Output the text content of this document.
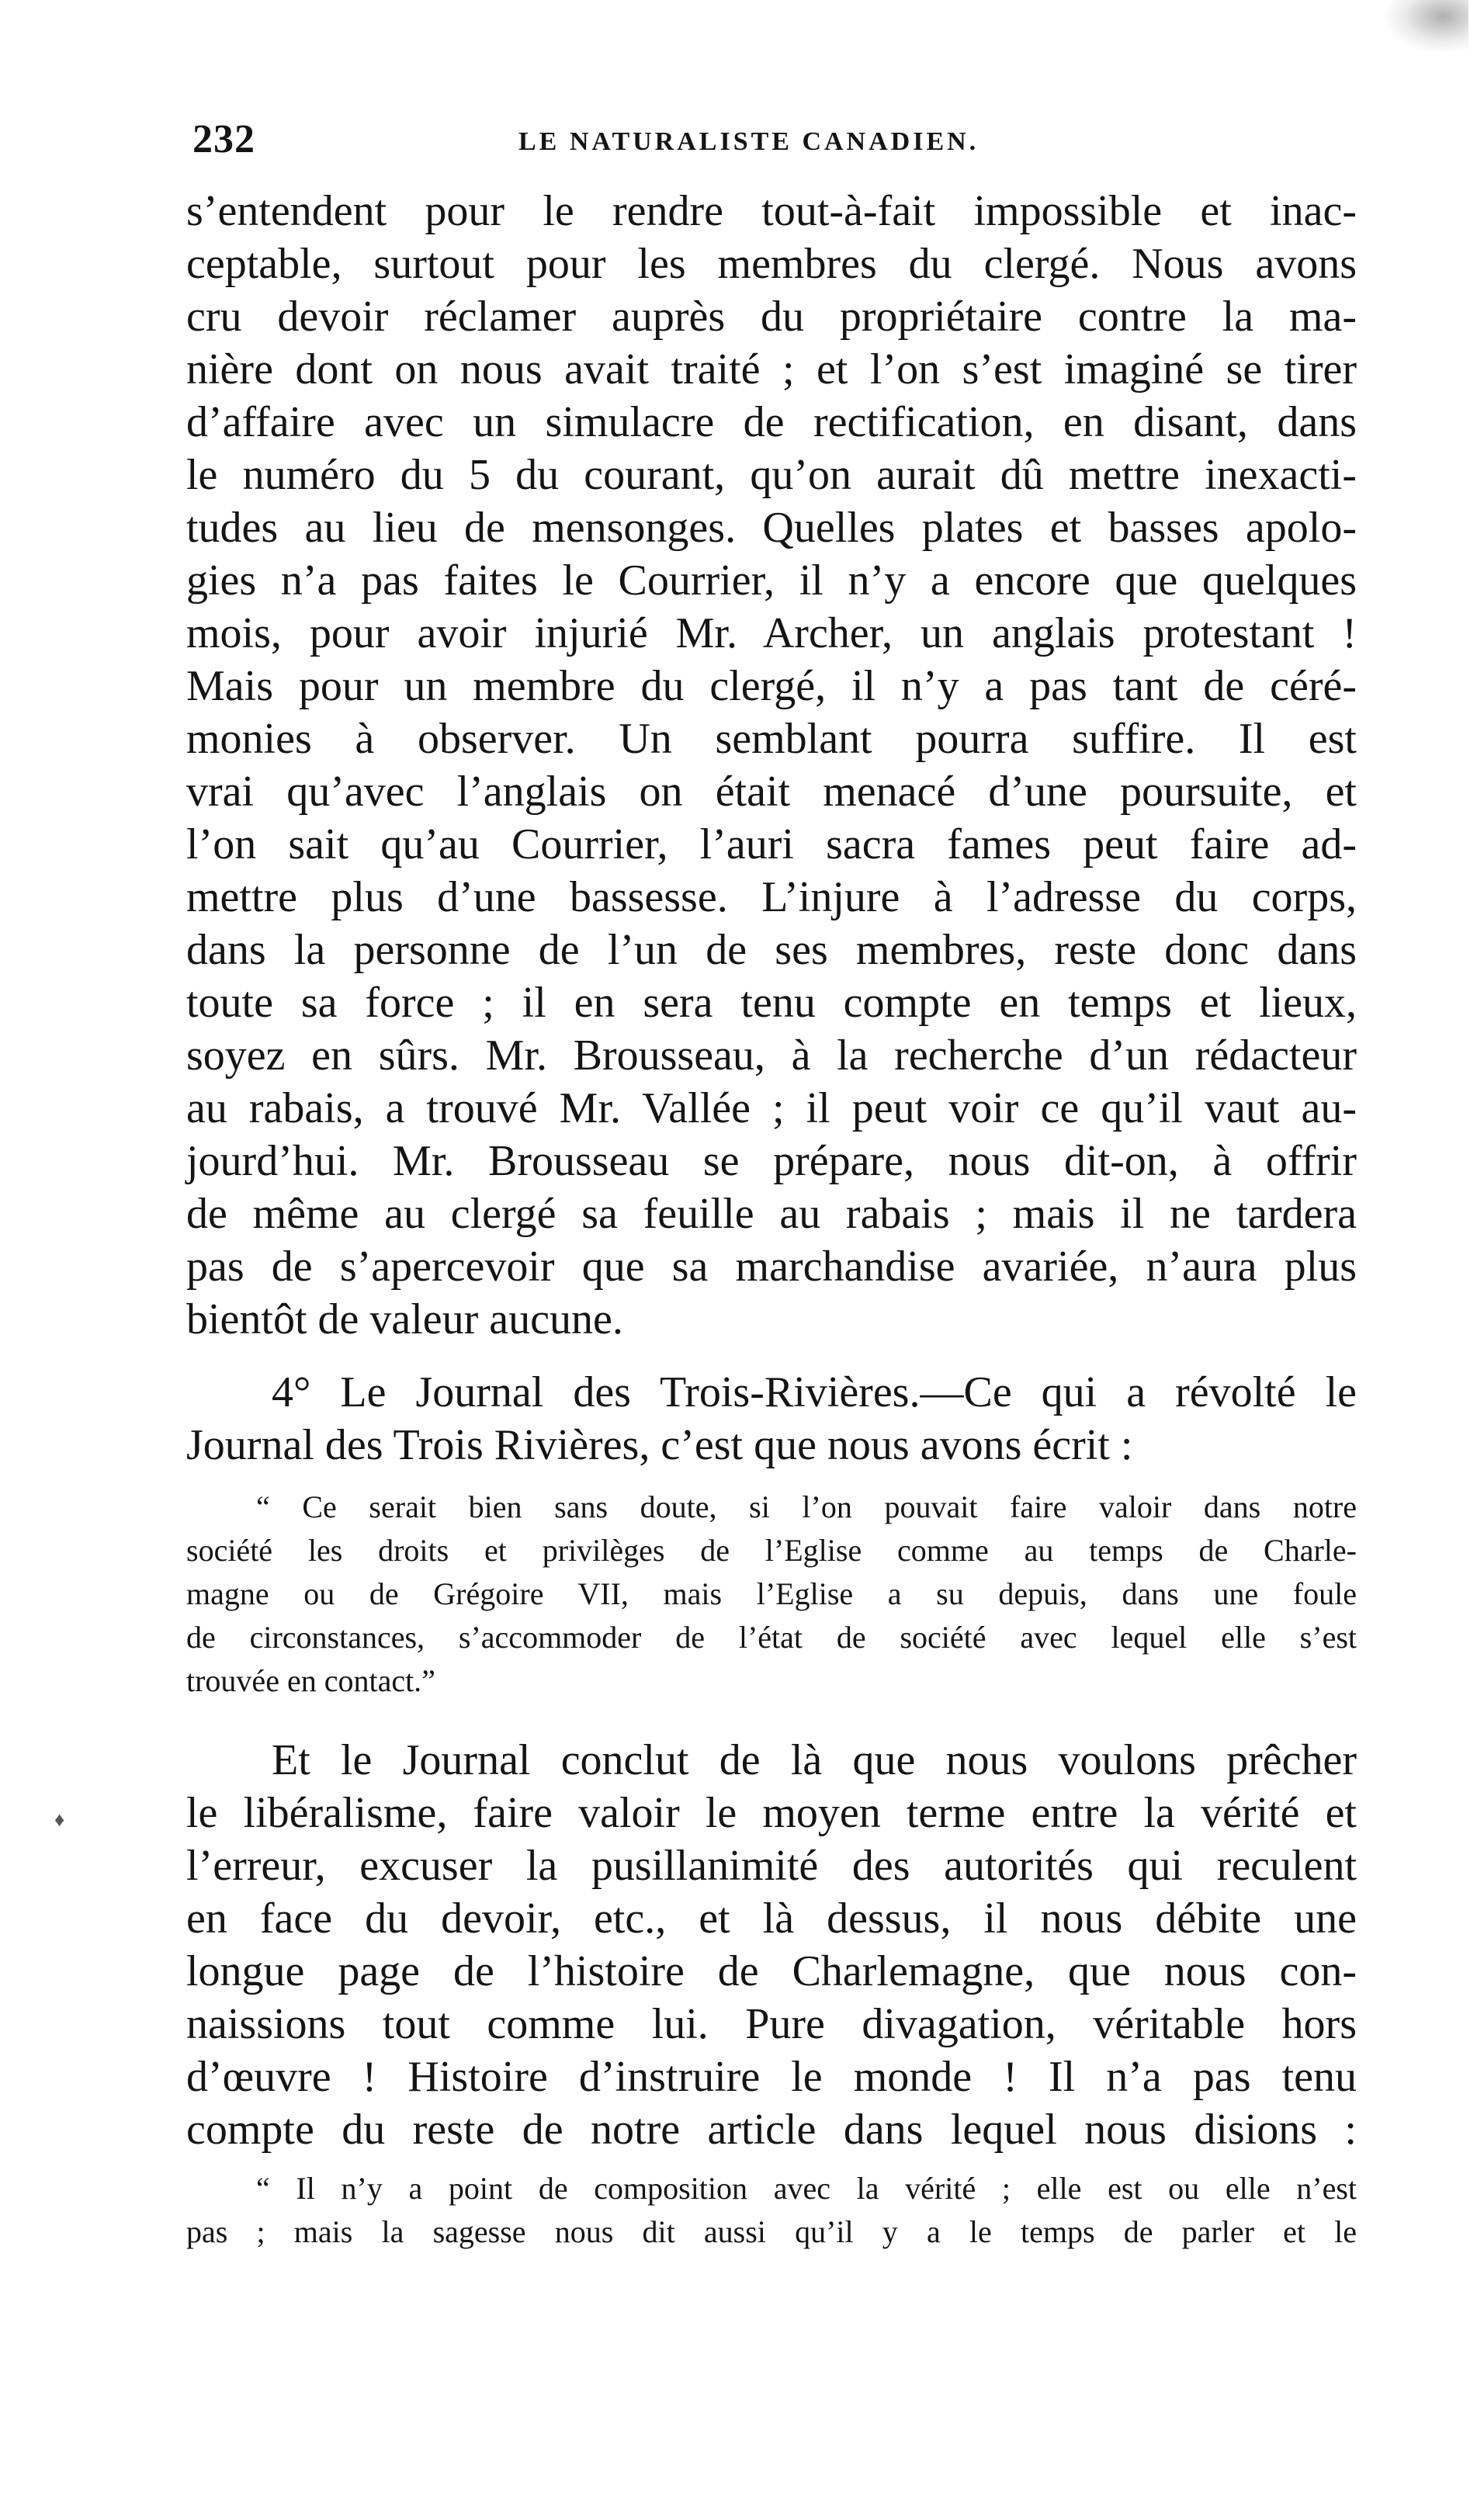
232	LE NATURALISTE CANADIEN.
♦
s’entendent pour le rendre tout-à-fait impossible et inac-
ceptable, surtout pour les membres du clergé. Nous avons
cru devoir réclamer auprès du propriétaire contre la ma-
nière dont on nous avait traité ; et l’on s’est imaginé se tirer
d’affaire avec un simulacre de rectification, en disant, dans
le numéro du 5 du courant, qu’on aurait dû mettre inexacti-
tudes au lieu de mensonges. Quelles plates et basses apolo-
gies n’a pas faites le Courrier, il n’y a encore que quelques
mois, pour avoir injurié Mr. Archer, un anglais protestant !
Mais pour un membre du clergé, il n’y a pas tant de céré-
monies à observer. Un semblant pourra suffire. Il est
vrai qu’avec l’anglais on était menacé d’une poursuite, et
l’on sait qu’au Courrier, l’auri sacra fames peut faire ad-
mettre plus d’une bassesse. L’injure à l’adresse du corps,
dans la personne de l’un de ses membres, reste donc dans
toute sa force ; il en sera tenu compte en temps et lieux,
soyez en sûrs. Mr. Brousseau, à la recherche d’un rédacteur
au rabais, a trouvé Mr. Vallée ; il peut voir ce qu’il vaut au-
jourd’hui. Mr. Brousseau se prépare, nous dit-on, à offrir
de même au clergé sa feuille au rabais ; mais il ne tardera
pas de s’apercevoir que sa marchandise avariée, n’aura plus
bientôt de valeur aucune.
4° Le Journal des Trois-Rivières.—Ce qui a révolté le
Journal des Trois Rivières, c’est que nous avons écrit :
“ Ce serait bien sans doute, si l’on pouvait faire valoir dans notre
société les droits et privilèges de l’Eglise comme au temps de Charle-
magne ou de Grégoire VII, mais l’Eglise a su depuis, dans une foule
de circonstances, s’accommoder de l’état de société avec lequel elle s’est
trouvée en contact.”
Et le Journal conclut de là que nous voulons prêcher
le libéralisme, faire valoir le moyen terme entre la vérité et
l’erreur, excuser la pusillanimité des autorités qui reculent
en face du devoir, etc., et là dessus, il nous débite une
longue page de l’histoire de Charlemagne, que nous con-
naissions tout comme lui. Pure divagation, véritable hors
d’œuvre ! Histoire d’instruire le monde ! Il n’a pas tenu
compte du reste de notre article dans lequel nous disions :
“ Il n’y a point de composition avec la vérité ; elle est ou elle n’est
pas ; mais la sagesse nous dit aussi qu’il y a le temps de parler et le
